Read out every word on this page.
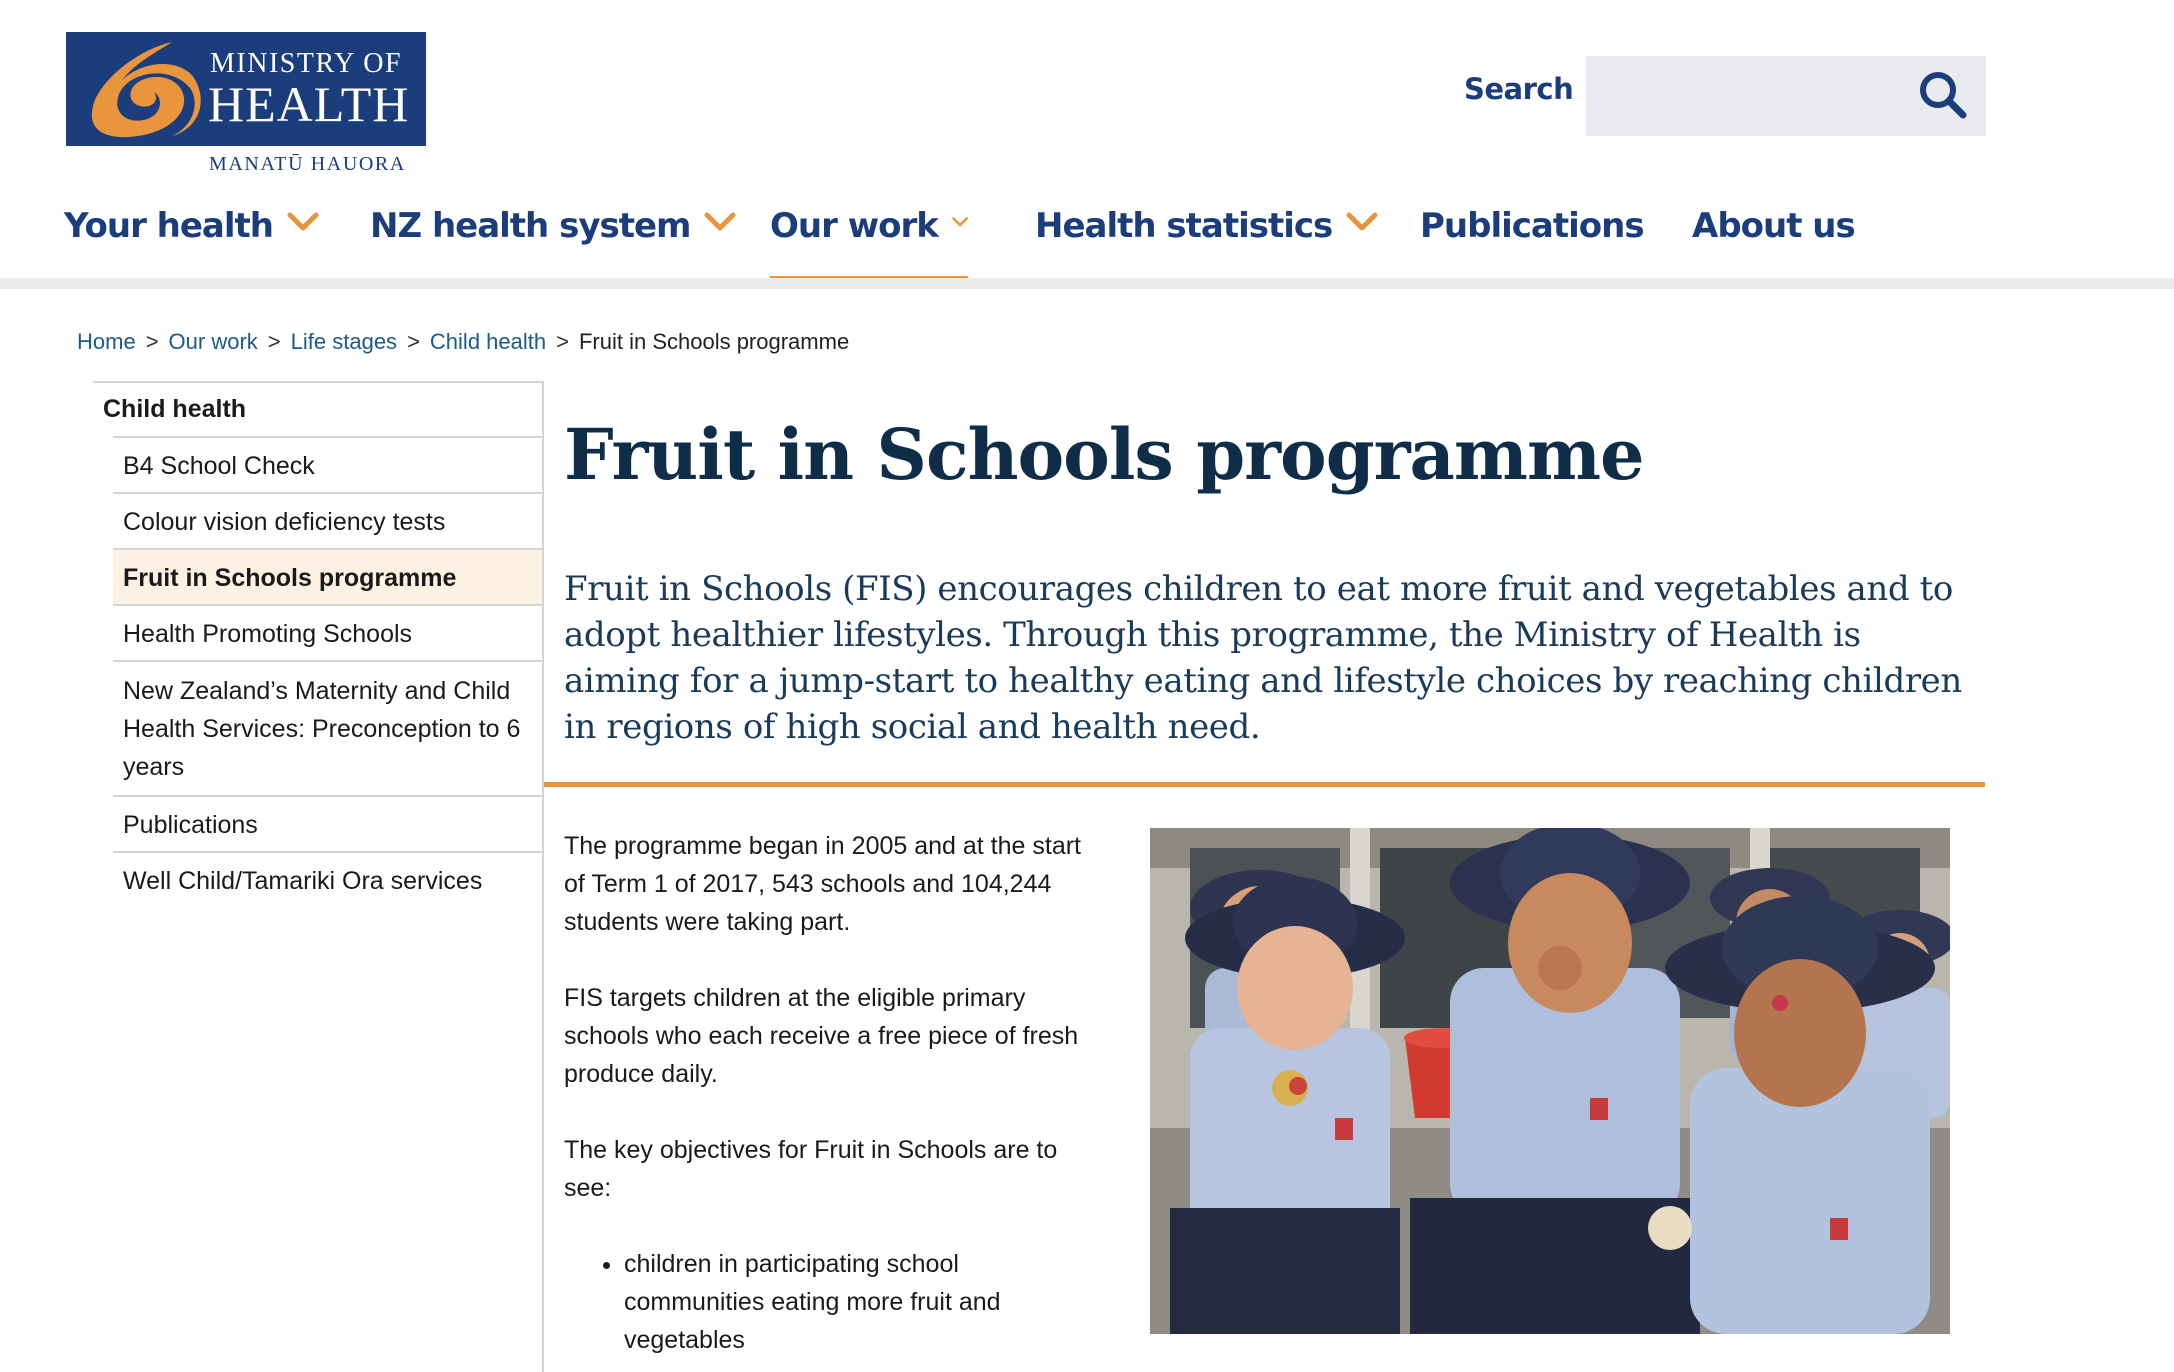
MINISTRY OF
HEALTH
MANATŪ HAUORA
Search
Your health	NZ health system Our work	Health statistics	Publications About us
Home > Our work > Life stages > Child health > Fruit in Schools programme
Child health
B4 School Check
Colour vision deficiency tests
Fruit in Schools programme
Health Promoting Schools
New Zealand’s Maternity and Child Health Services: Preconception to 6 years
Publications
Well Child/Tamariki Ora services
Fruit in Schools programme

Fruit in Schools (FIS) encourages children to eat more fruit and vegetables and to adopt healthier lifestyles. Through this programme, the Ministry of Health is aiming for a jump-start to healthy eating and lifestyle choices by reaching children in regions of high social and health need.

The programme began in 2005 and at the start of Term 1 of 2017, 543 schools and 104,244 students were taking part.

FIS targets children at the eligible primary schools who each receive a free piece of fresh produce daily.

The key objectives for Fruit in Schools are to see:

• children in participating school communities eating more fruit and vegetables
